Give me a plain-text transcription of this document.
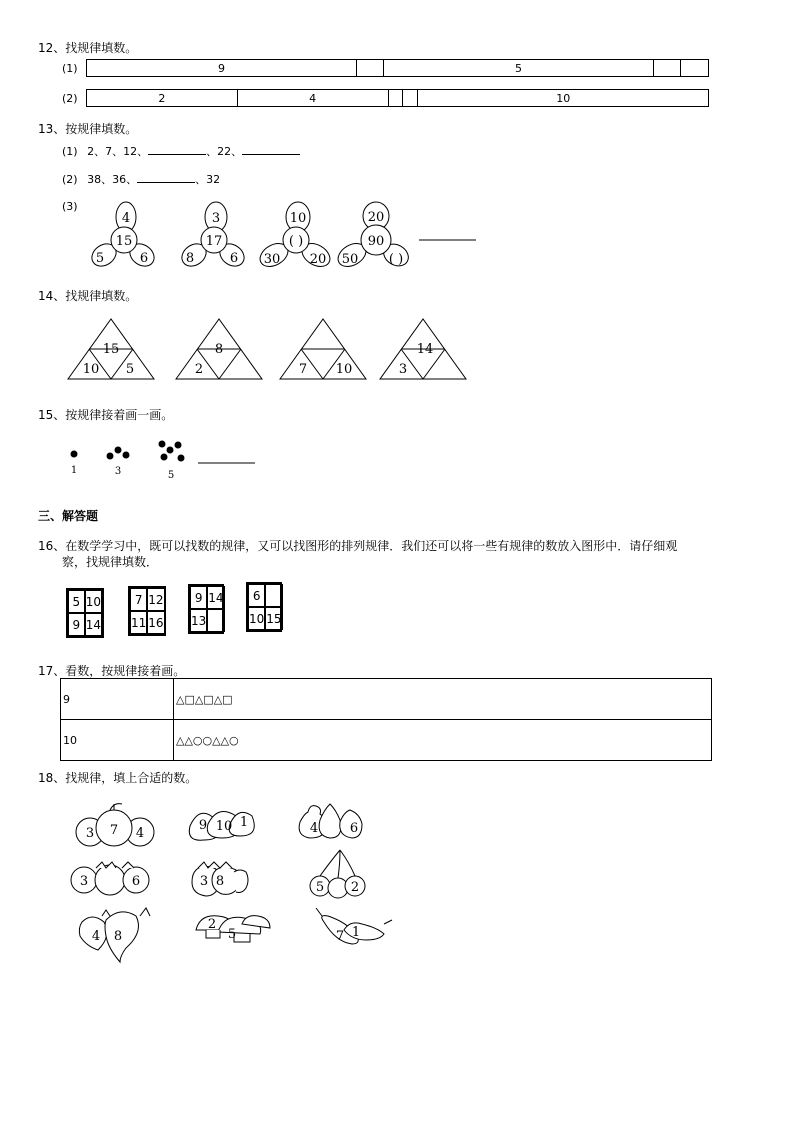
12、找规律填数。
(1)	9	5
(2)	2	4	10
13、按规律填数。
(1) 2、7、12、	、22、
(2) 38、36、	、32
(3)
4
15
5	6
3
17
8	6
10
( )
30 20
20
90
50 ( )
14、找规律填数。
15
10 5
8
2	7 10
14
3
15、按规律接着画一画。
1	3	5
三、解答题
16、在数学学习中，既可以找数的规律，又可以找图形的排列规律．我们还可以将一些有规律的数放入图形中．请仔细观
察，找规律填数．
5 10
9 14
7 12
11 16
9 14
13
6
10 15
17、看数，按规律接着画。
9	△□△□△□
10	△△○○△△○
18、找规律，填上合适的数。
3 7 4
9 10 1	4 6
3	6	3 8	5 2
4 8
2
5	7 1
